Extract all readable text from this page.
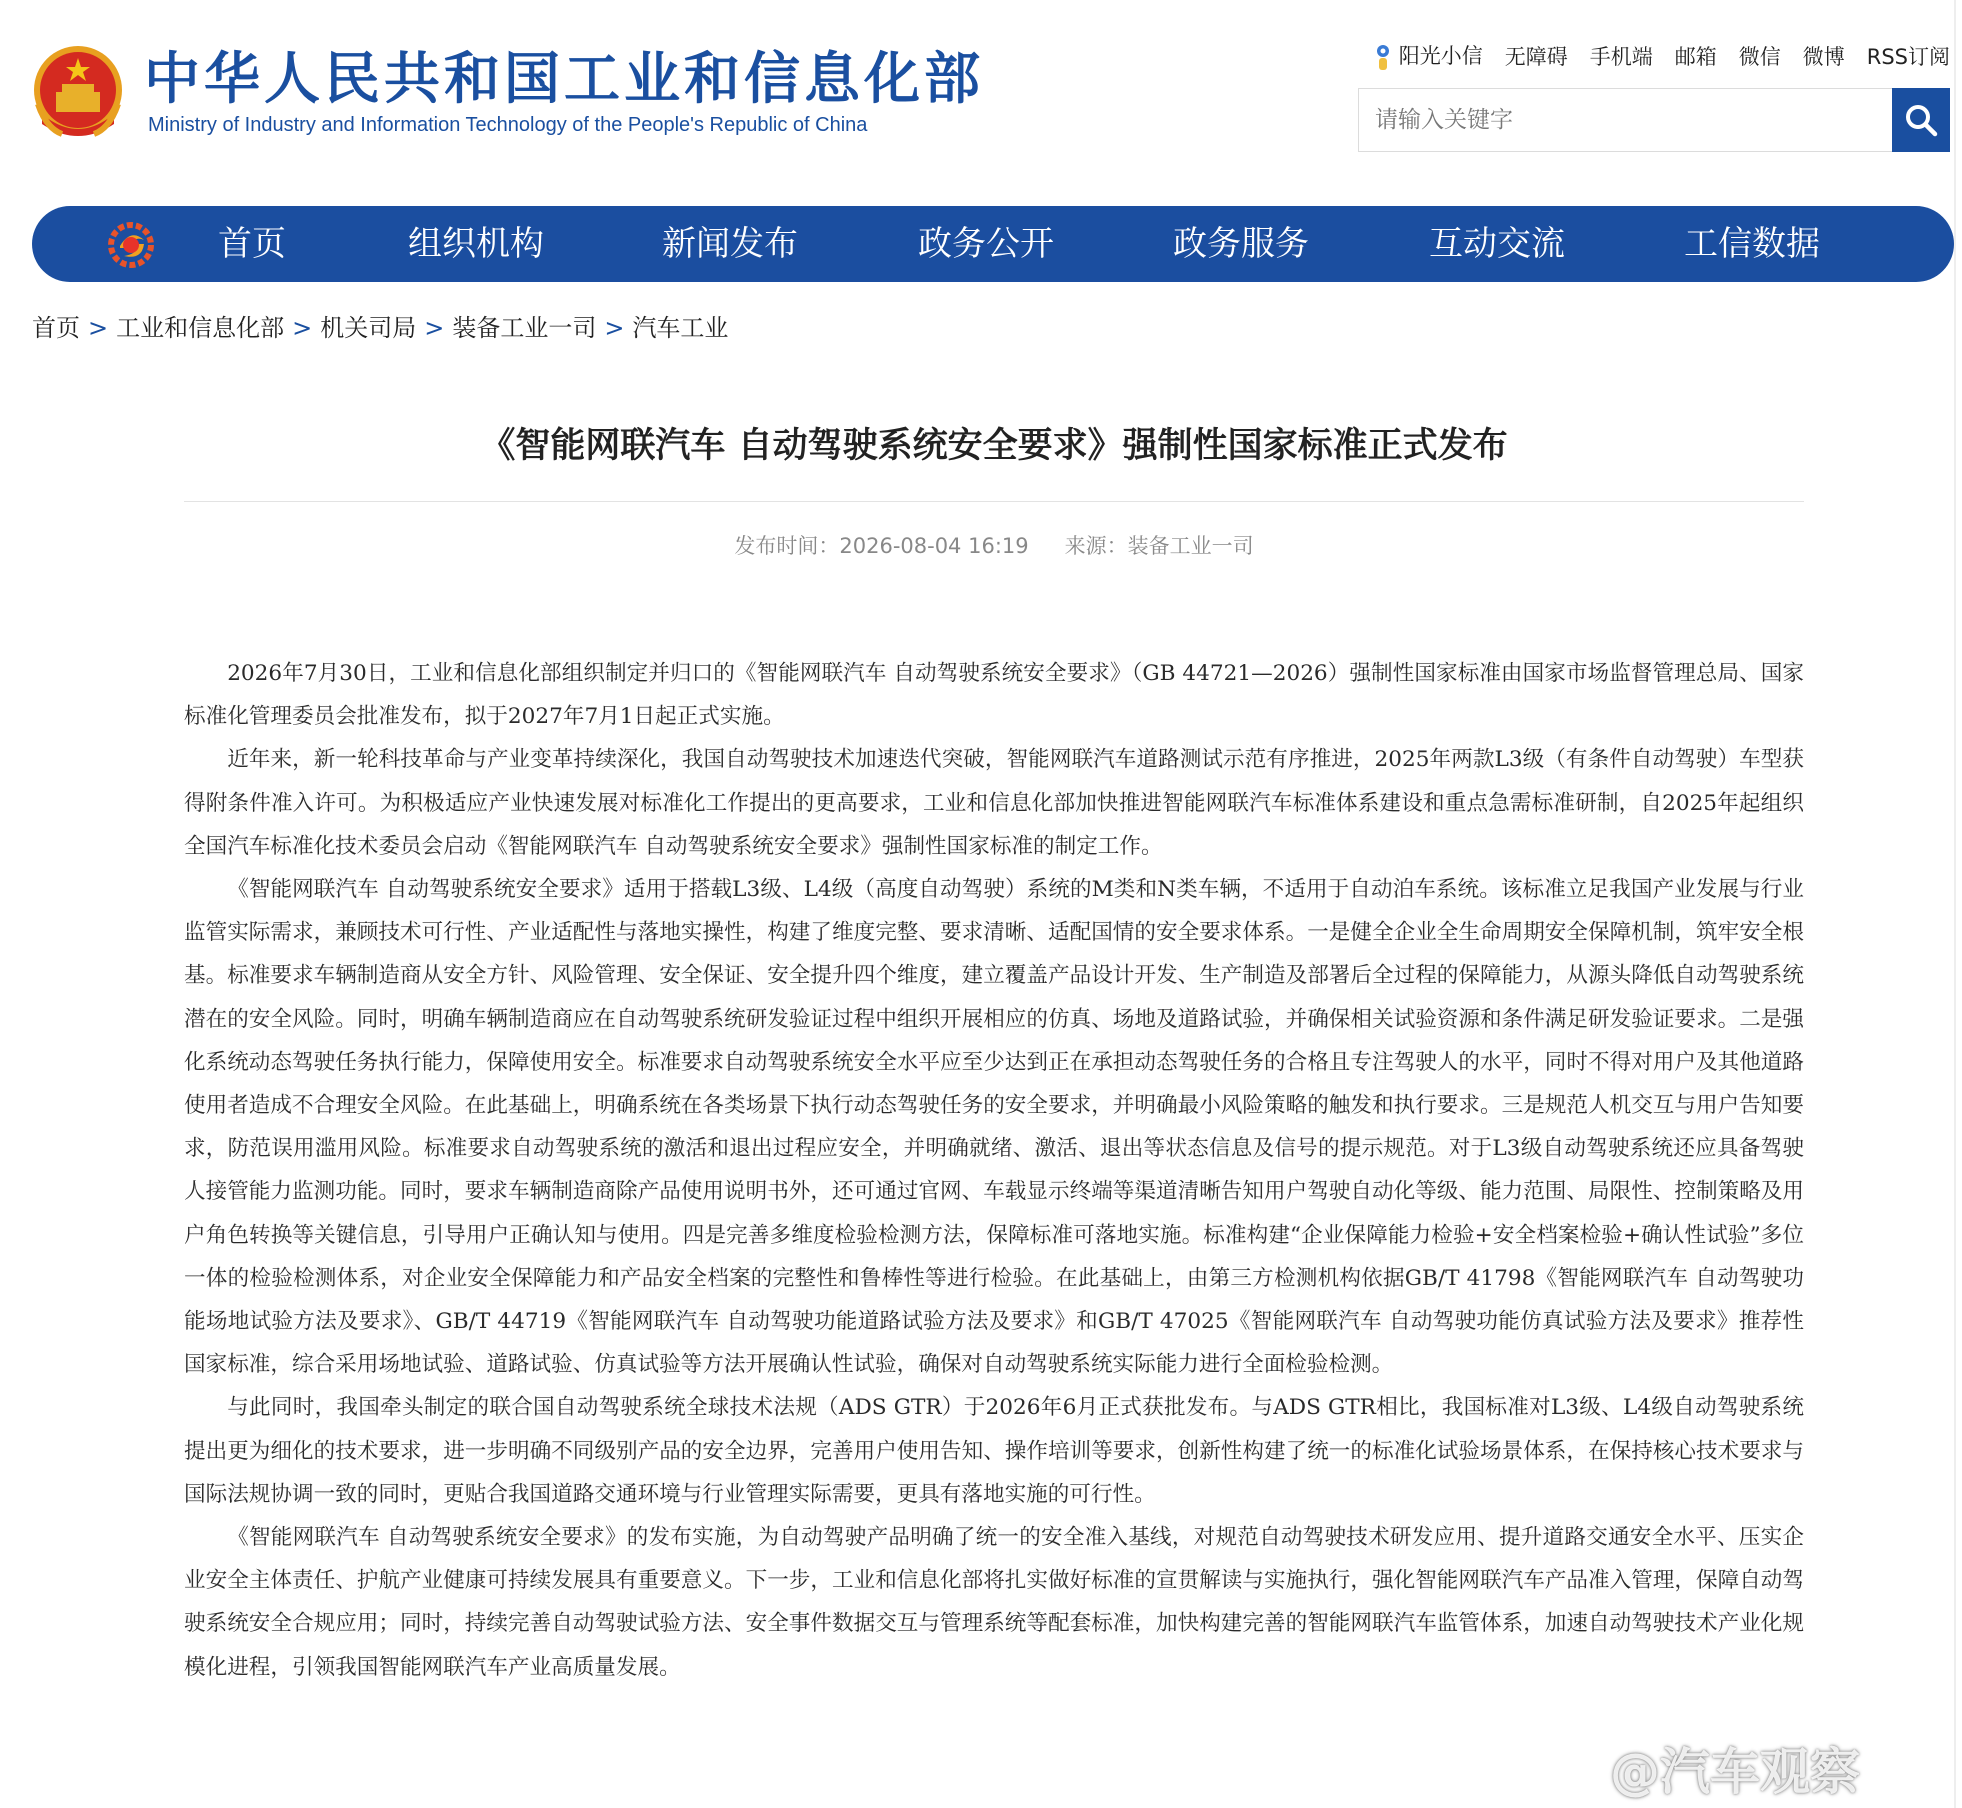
中华人民共和国工业和信息化部
Ministry of Industry and Information Technology of the People's Republic of China
阳光小信 无障碍 手机端 邮箱 微信 微博 RSS订阅
请输入关键字
首页	组织机构	新闻发布	政务公开	政务服务	互动交流	工信数据
首页 > 工业和信息化部 > 机关司局 > 装备工业一司 > 汽车工业
《智能网联汽车 自动驾驶系统安全要求》强制性国家标准正式发布
发布时间：2026-08-04 16:19 来源：装备工业一司

2026年7月30日，工业和信息化部组织制定并归口的《智能网联汽车 自动驾驶系统安全要求》（GB 44721—2026）强制性国家标准由国家市场监督管理总局、国家标准化管理委员会批准发布，拟于2027年7月1日起正式实施。

近年来，新一轮科技革命与产业变革持续深化，我国自动驾驶技术加速迭代突破，智能网联汽车道路测试示范有序推进，2025年两款L3级（有条件自动驾驶）车型获得附条件准入许可。为积极适应产业快速发展对标准化工作提出的更高要求，工业和信息化部加快推进智能网联汽车标准体系建设和重点急需标准研制，自2025年起组织全国汽车标准化技术委员会启动《智能网联汽车 自动驾驶系统安全要求》强制性国家标准的制定工作。

《智能网联汽车 自动驾驶系统安全要求》适用于搭载L3级、L4级（高度自动驾驶）系统的M类和N类车辆，不适用于自动泊车系统。该标准立足我国产业发展与行业监管实际需求，兼顾技术可行性、产业适配性与落地实操性，构建了维度完整、要求清晰、适配国情的安全要求体系。一是健全企业全生命周期安全保障机制，筑牢安全根基。标准要求车辆制造商从安全方针、风险管理、安全保证、安全提升四个维度，建立覆盖产品设计开发、生产制造及部署后全过程的保障能力，从源头降低自动驾驶系统潜在的安全风险。同时，明确车辆制造商应在自动驾驶系统研发验证过程中组织开展相应的仿真、场地及道路试验，并确保相关试验资源和条件满足研发验证要求。二是强化系统动态驾驶任务执行能力，保障使用安全。标准要求自动驾驶系统安全水平应至少达到正在承担动态驾驶任务的合格且专注驾驶人的水平，同时不得对用户及其他道路使用者造成不合理安全风险。在此基础上，明确系统在各类场景下执行动态驾驶任务的安全要求，并明确最小风险策略的触发和执行要求。三是规范人机交互与用户告知要求，防范误用滥用风险。标准要求自动驾驶系统的激活和退出过程应安全，并明确就绪、激活、退出等状态信息及信号的提示规范。对于L3级自动驾驶系统还应具备驾驶人接管能力监测功能。同时，要求车辆制造商除产品使用说明书外，还可通过官网、车载显示终端等渠道清晰告知用户驾驶自动化等级、能力范围、局限性、控制策略及用户角色转换等关键信息，引导用户正确认知与使用。四是完善多维度检验检测方法，保障标准可落地实施。标准构建“企业保障能力检验+安全档案检验+确认性试验”多位一体的检验检测体系，对企业安全保障能力和产品安全档案的完整性和鲁棒性等进行检验。在此基础上，由第三方检测机构依据GB/T 41798《智能网联汽车 自动驾驶功能场地试验方法及要求》、GB/T 44719《智能网联汽车 自动驾驶功能道路试验方法及要求》和GB/T 47025《智能网联汽车 自动驾驶功能仿真试验方法及要求》推荐性国家标准，综合采用场地试验、道路试验、仿真试验等方法开展确认性试验，确保对自动驾驶系统实际能力进行全面检验检测。

与此同时，我国牵头制定的联合国自动驾驶系统全球技术法规（ADS GTR）于2026年6月正式获批发布。与ADS GTR相比，我国标准对L3级、L4级自动驾驶系统提出更为细化的技术要求，进一步明确不同级别产品的安全边界，完善用户使用告知、操作培训等要求，创新性构建了统一的标准化试验场景体系，在保持核心技术要求与国际法规协调一致的同时，更贴合我国道路交通环境与行业管理实际需要，更具有落地实施的可行性。

《智能网联汽车 自动驾驶系统安全要求》的发布实施，为自动驾驶产品明确了统一的安全准入基线，对规范自动驾驶技术研发应用、提升道路交通安全水平、压实企业安全主体责任、护航产业健康可持续发展具有重要意义。下一步，工业和信息化部将扎实做好标准的宣贯解读与实施执行，强化智能网联汽车产品准入管理，保障自动驾驶系统安全合规应用；同时，持续完善自动驾驶试验方法、安全事件数据交互与管理系统等配套标准，加快构建完善的智能网联汽车监管体系，加速自动驾驶技术产业化规模化进程，引领我国智能网联汽车产业高质量发展。

@汽车观察
